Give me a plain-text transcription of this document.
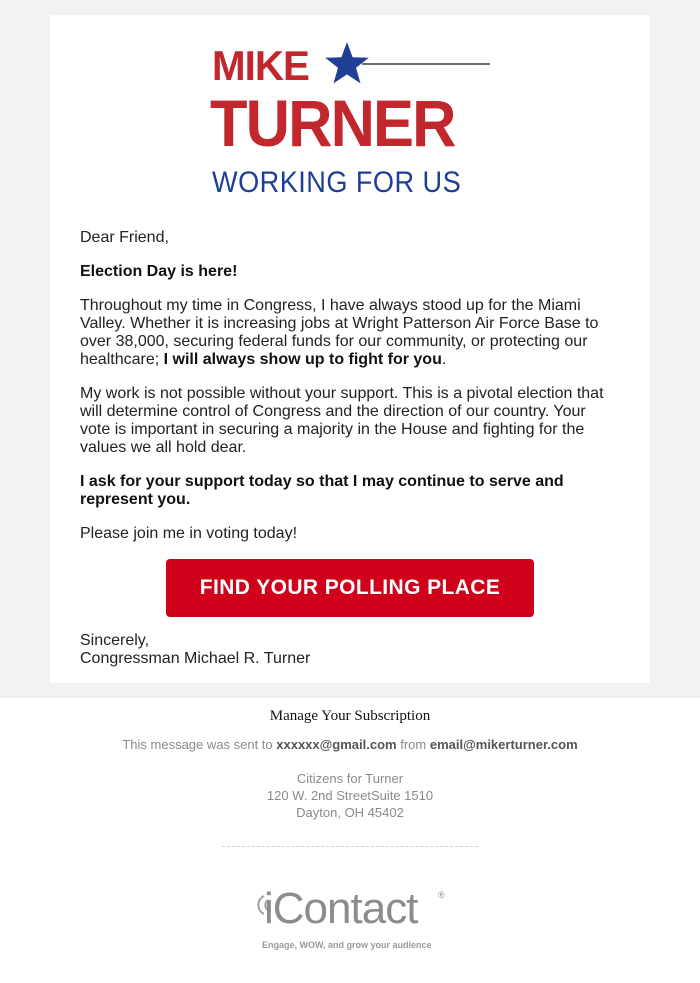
MIKE
TURNER
WORKING FOR US

Dear Friend,

Election Day is here!

Throughout my time in Congress, I have always stood up for the Miami Valley. Whether it is increasing jobs at Wright Patterson Air Force Base to over 38,000, securing federal funds for our community, or protecting our healthcare; I will always show up to fight for you.

My work is not possible without your support. This is a pivotal election that will determine control of Congress and the direction of our country. Your vote is important in securing a majority in the House and fighting for the values we all hold dear.

I ask for your support today so that I may continue to serve and represent you.

Please join me in voting today!

FIND YOUR POLLING PLACE
Sincerely,
Congressman Michael R. Turner
Manage Your Subscription
This message was sent to xxxxxx@gmail.com from email@mikerturner.com
Citizens for Turner
120 W. 2nd StreetSuite 1510
Dayton, OH 45402
iContact ®
Engage, WOW, and grow your audience
